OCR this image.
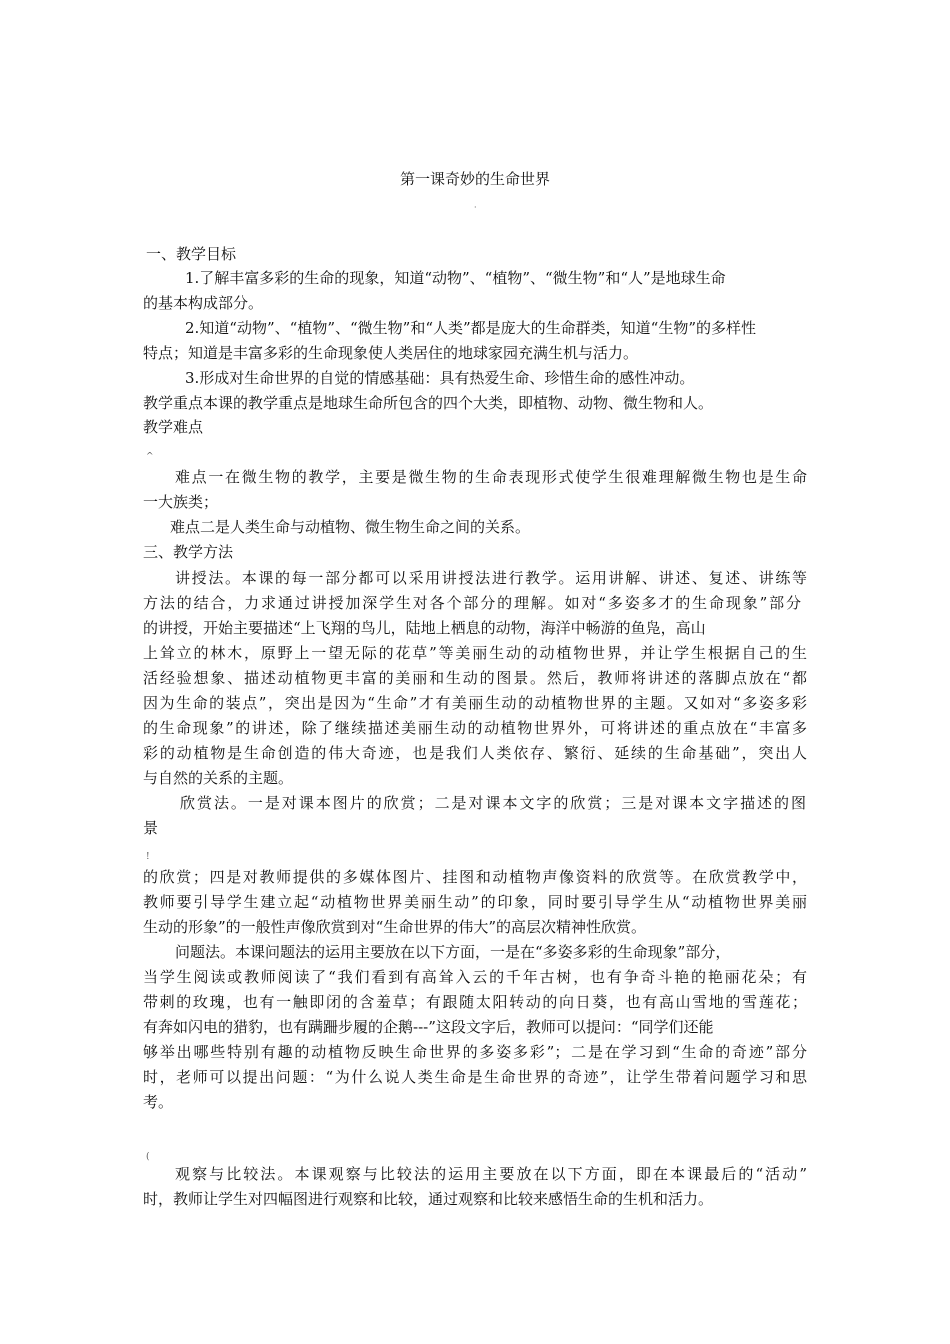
第一课奇妙的生命世界
·
一、教学目标
1.了解丰富多彩的生命的现象，知道“动物”、“植物”、“微生物”和“人”是地球生命
的基本构成部分。
2.知道“动物”、“植物”、“微生物”和“人类”都是庞大的生命群类，知道“生物”的多样性
特点；知道是丰富多彩的生命现象使人类居住的地球家园充满生机与活力。
3.形成对生命世界的自觉的情感基础：具有热爱生命、珍惜生命的感性冲动。
教学重点本课的教学重点是地球生命所包含的四个大类，即植物、动物、微生物和人。
教学难点
^
难点一在微生物的教学，主要是微生物的生命表现形式使学生很难理解微生物也是生命
一大族类；
难点二是人类生命与动植物、微生物生命之间的关系。
三、教学方法
讲授法。本课的每一部分都可以采用讲授法进行教学。运用讲解、讲述、复述、讲练等
方法的结合，力求通过讲授加深学生对各个部分的理解。如对“多姿多才的生命现象”部分
的讲授，开始主要描述“上飞翔的鸟儿，陆地上栖息的动物，海洋中畅游的鱼凫，高山
上耸立的林木，原野上一望无际的花草”等美丽生动的动植物世界，并让学生根据自己的生
活经验想象、描述动植物更丰富的美丽和生动的图景。然后，教师将讲述的落脚点放在“都
因为生命的装点”，突出是因为“生命”才有美丽生动的动植物世界的主题。又如对“多姿多彩
的生命现象”的讲述，除了继续描述美丽生动的动植物世界外，可将讲述的重点放在“丰富多
彩的动植物是生命创造的伟大奇迹，也是我们人类依存、繁衍、延续的生命基础”，突出人
与自然的关系的主题。
欣赏法。一是对课本图片的欣赏；二是对课本文字的欣赏；三是对课本文字描述的图
景
!
的欣赏；四是对教师提供的多媒体图片、挂图和动植物声像资料的欣赏等。在欣赏教学中，
教师要引导学生建立起“动植物世界美丽生动”的印象，同时要引导学生从“动植物世界美丽
生动的形象”的一般性声像欣赏到对“生命世界的伟大”的高层次精神性欣赏。
问题法。本课问题法的运用主要放在以下方面，一是在“多姿多彩的生命现象”部分，
当学生阅读或教师阅读了“我们看到有高耸入云的千年古树，也有争奇斗艳的艳丽花朵；有
带刺的玫瑰，也有一触即闭的含羞草；有跟随太阳转动的向日葵，也有高山雪地的雪莲花；
有奔如闪电的猎豹，也有蹒跚步履的企鹅---”这段文字后，教师可以提问：“同学们还能
够举出哪些特别有趣的动植物反映生命世界的多姿多彩”；二是在学习到“生命的奇迹”部分
时，老师可以提出问题：“为什么说人类生命是生命世界的奇迹”，让学生带着问题学习和思
考。
(
观察与比较法。本课观察与比较法的运用主要放在以下方面，即在本课最后的“活动”
时，教师让学生对四幅图进行观察和比较，通过观察和比较来感悟生命的生机和活力。
